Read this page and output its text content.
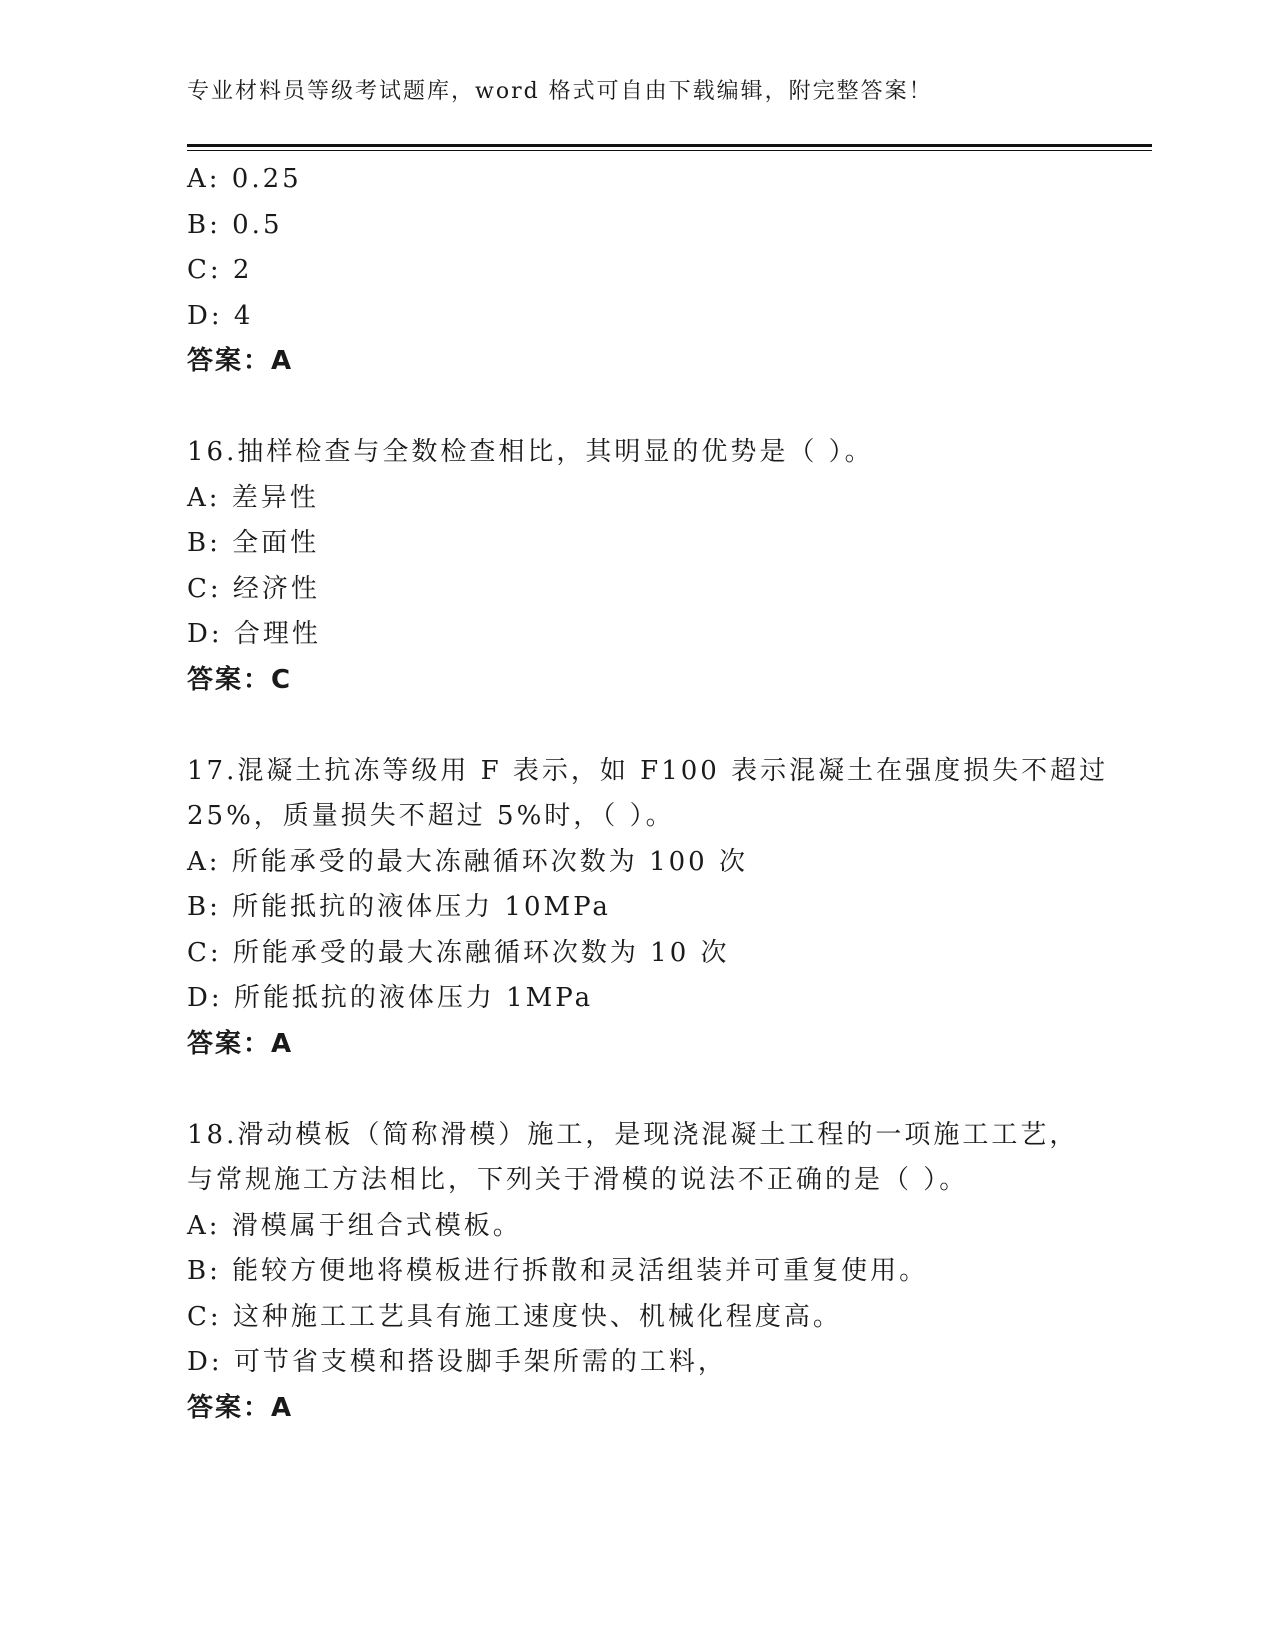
专业材料员等级考试题库，word 格式可自由下载编辑，附完整答案！
A: 0.25
B: 0.5
C: 2
D: 4
答案：A
16.抽样检查与全数检查相比，其明显的优势是（ ）。
A: 差异性
B: 全面性
C: 经济性
D: 合理性
答案：C
17.混凝土抗冻等级用 F 表示，如 F100 表示混凝土在强度损失不超过
25%，质量损失不超过 5%时，（ ）。
A: 所能承受的最大冻融循环次数为 100 次
B: 所能抵抗的液体压力 10MPa
C: 所能承受的最大冻融循环次数为 10 次
D: 所能抵抗的液体压力 1MPa
答案：A
18.滑动模板（简称滑模）施工，是现浇混凝土工程的一项施工工艺，
与常规施工方法相比，下列关于滑模的说法不正确的是（ ）。
A: 滑模属于组合式模板。
B: 能较方便地将模板进行拆散和灵活组装并可重复使用。
C: 这种施工工艺具有施工速度快、机械化程度高。
D: 可节省支模和搭设脚手架所需的工料，
答案：A
